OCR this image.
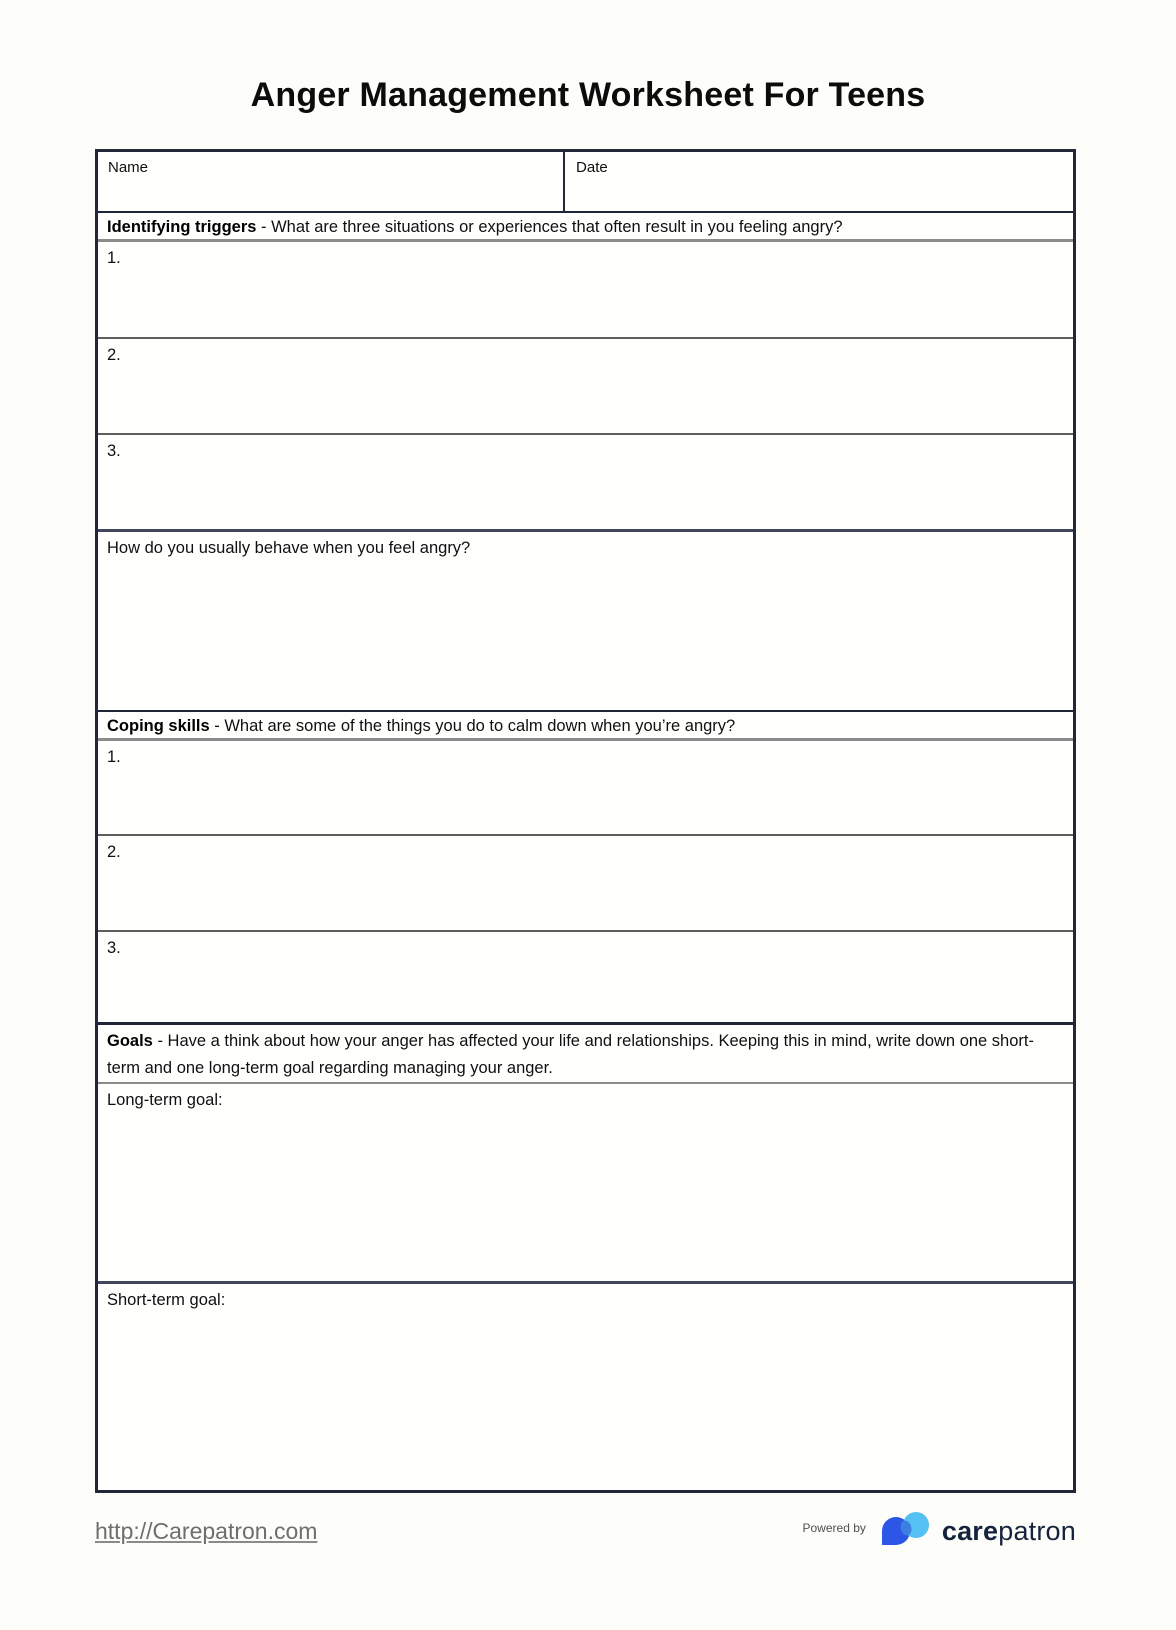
Anger Management Worksheet For Teens
Name	Date
Identifying triggers - What are three situations or experiences that often result in you feeling angry?
1.
2.
3.
How do you usually behave when you feel angry?
Coping skills - What are some of the things you do to calm down when you’re angry?
1.
2.
3.
Goals - Have a think about how your anger has affected your life and relationships. Keeping this in mind, write down one short-term and one long-term goal regarding managing your anger.
Long-term goal:
Short-term goal:
http://Carepatron.com	Powered by	carepatron
